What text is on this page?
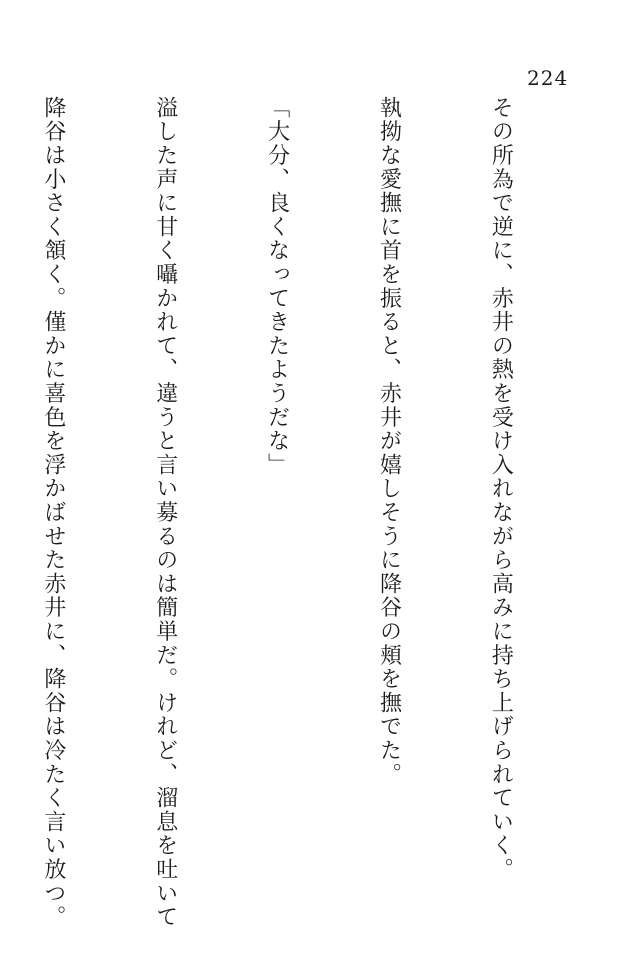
224

その所為で逆に、赤井の熱を受け入れながら高みに持ち上げられていく。

執拗な愛撫に首を振ると、赤井が嬉しそうに降谷の頬を撫でた。

「大分、良くなってきたようだな」

溢した声に甘く囁かれて、違うと言い募るのは簡単だ。けれど、溜息を吐いて

降谷は小さく頷く。僅かに喜色を浮かばせた赤井に、降谷は冷たく言い放つ。
